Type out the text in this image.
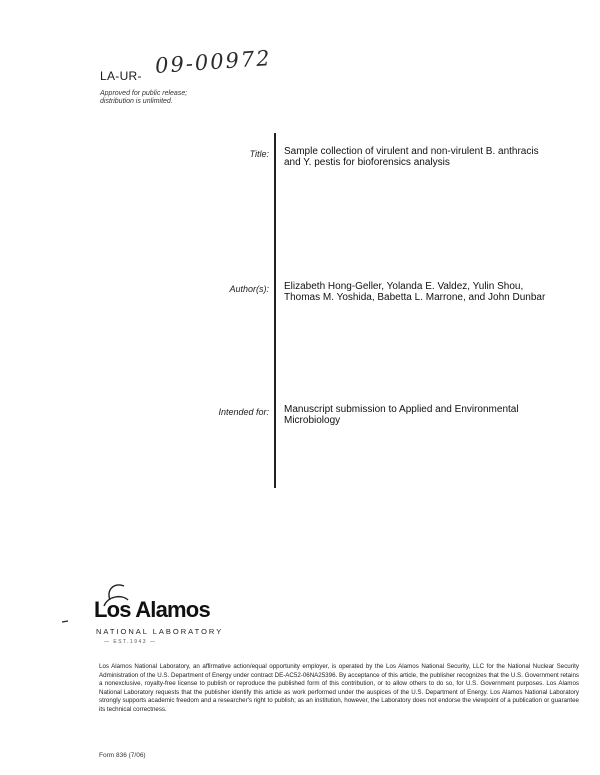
LA-UR- 09-00972
Approved for public release;
distribution is unlimited.
Title: Sample collection of virulent and non-virulent B. anthracis
and Y. pestis for bioforensics analysis
Author(s): Elizabeth Hong-Geller, Yolanda E. Valdez, Yulin Shou,
Thomas M. Yoshida, Babetta L. Marrone, and John Dunbar
Intended for: Manuscript submission to Applied and Environmental
Microbiology
Los Alamos
NATIONAL LABORATORY
— EST.1943 —
Los Alamos National Laboratory, an affirmative action/equal opportunity employer, is operated by the Los Alamos National Security, LLC for the National Nuclear Security Administration of the U.S. Department of Energy under contract DE-AC52-06NA25396. By acceptance of this article, the publisher recognizes that the U.S. Government retains a nonexclusive, royalty-free license to publish or reproduce the published form of this contribution, or to allow others to do so, for U.S. Government purposes. Los Alamos National Laboratory requests that the publisher identify this article as work performed under the auspices of the U.S. Department of Energy. Los Alamos National Laboratory strongly supports academic freedom and a researcher's right to publish; as an institution, however, the Laboratory does not endorse the viewpoint of a publication or guarantee its technical correctness.
Form 836 (7/06)
